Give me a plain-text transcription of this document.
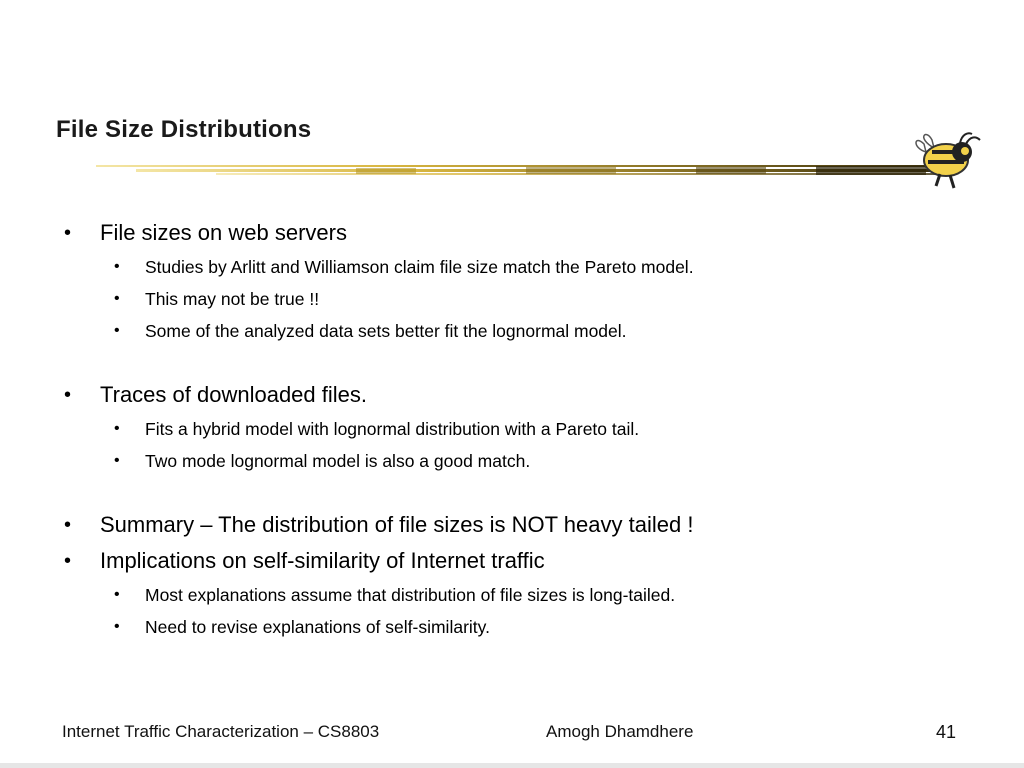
File Size Distributions
• File sizes on web servers
• Studies by Arlitt and Williamson claim file size match the Pareto model.
• This may not be true !!
• Some of the analyzed data sets better fit the lognormal model.
• Traces of downloaded files.
• Fits a hybrid model with lognormal distribution with a Pareto tail.
• Two mode lognormal model is also a good match.
• Summary – The distribution of file sizes is NOT heavy tailed !
• Implications on self-similarity of Internet traffic
• Most explanations assume that distribution of file sizes is long-tailed.
• Need to revise explanations of self-similarity.
Internet Traffic Characterization – CS8803	Amogh Dhamdhere	41
